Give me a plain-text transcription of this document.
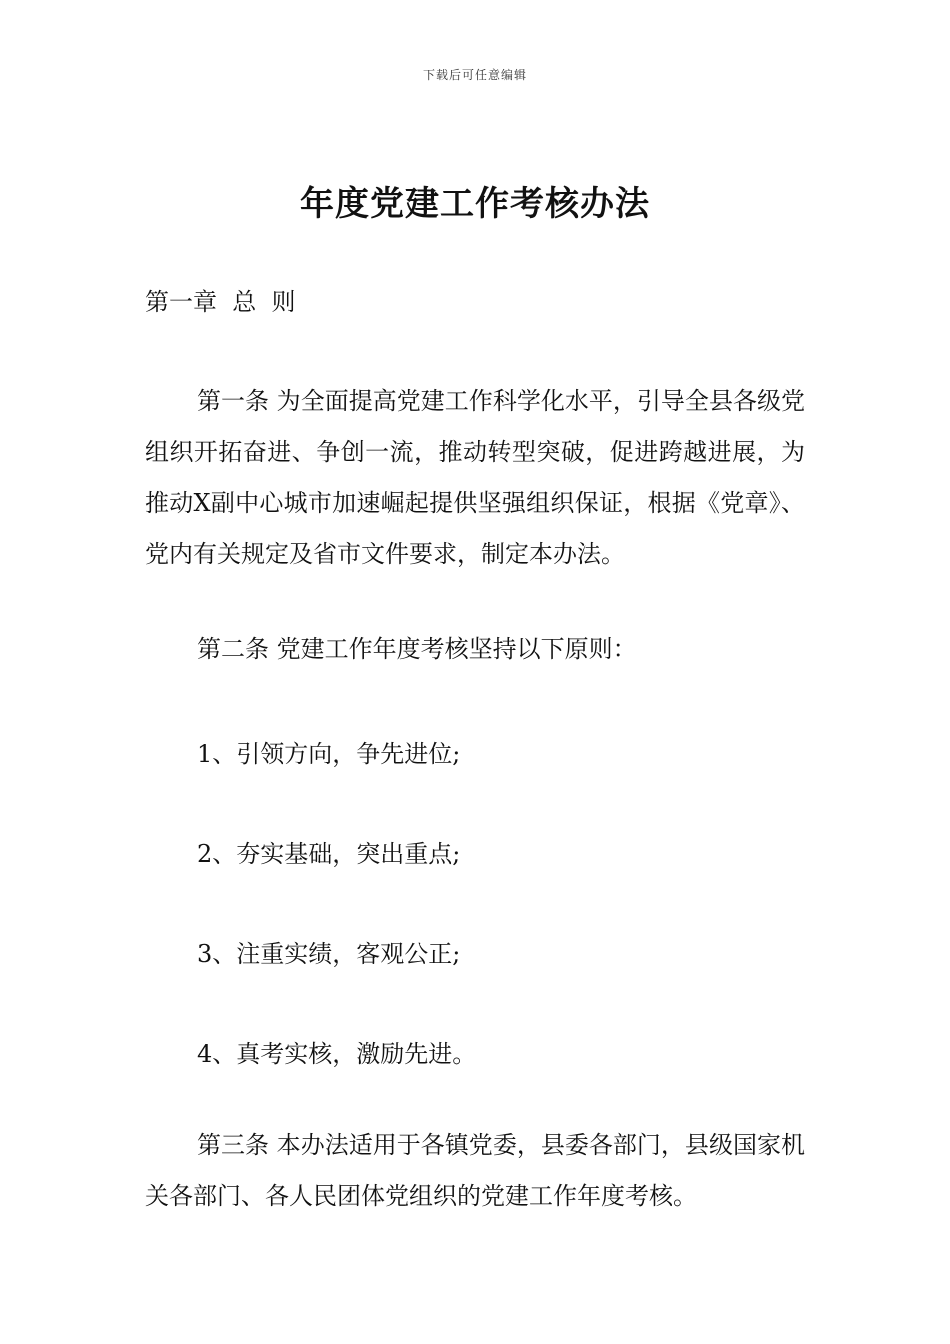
下载后可任意编辑
年度党建工作考核办法
第一章  总  则

第一条 为全面提高党建工作科学化水平，引导全县各级党组织开拓奋进、争创一流，推动转型突破，促进跨越进展，为推动X副中心城市加速崛起提供坚强组织保证，根据《党章》、党内有关规定及省市文件要求，制定本办法。

第二条 党建工作年度考核坚持以下原则：

1、引领方向，争先进位;
2、夯实基础，突出重点;
3、注重实绩，客观公正;
4、真考实核，激励先进。

第三条 本办法适用于各镇党委，县委各部门，县级国家机关各部门、各人民团体党组织的党建工作年度考核。
